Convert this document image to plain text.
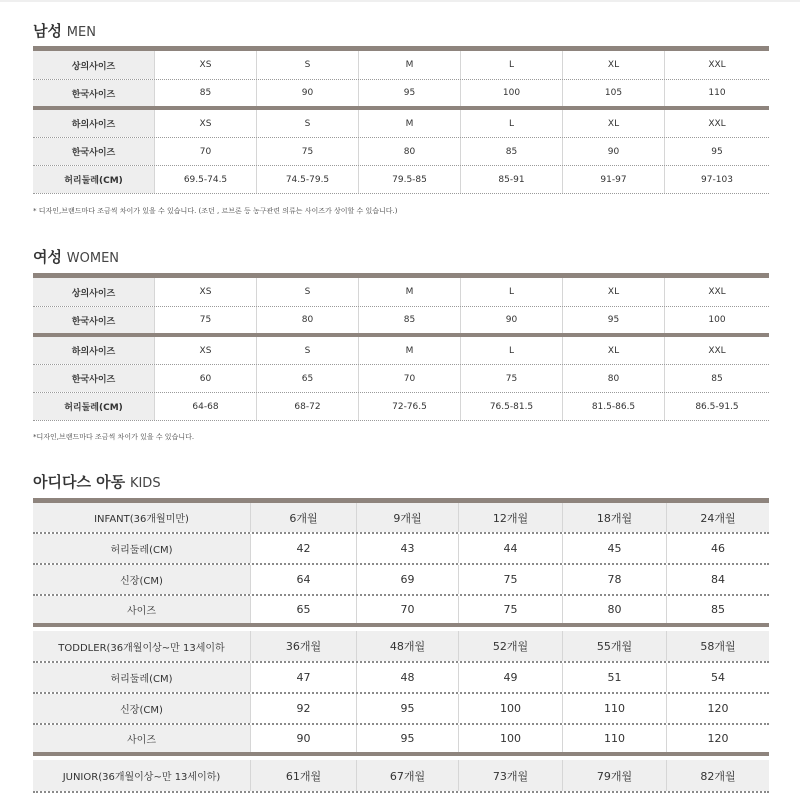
남성 MEN
상의사이즈	XS	S	M	L	XL	XXL
한국사이즈	85	90	95	100	105	110
하의사이즈	XS	S	M	L	XL	XXL
한국사이즈	70	75	80	85	90	95
허리둘레(CM)	69.5-74.5	74.5-79.5	79.5-85	85-91	91-97	97-103
* 디자인,브랜드마다 조금씩 차이가 있을 수 있습니다. (조던 , 르브론 등 농구관련 의류는 사이즈가 상이할 수 있습니다.)
여성 WOMEN
상의사이즈	XS	S	M	L	XL	XXL
한국사이즈	75	80	85	90	95	100
하의사이즈	XS	S	M	L	XL	XXL
한국사이즈	60	65	70	75	80	85
허리둘레(CM)	64-68	68-72	72-76.5	76.5-81.5	81.5-86.5	86.5-91.5
*디자인,브랜드마다 조금씩 차이가 있을 수 있습니다.
아디다스 아동 KIDS
INFANT(36개월미만)	6개월	9개월	12개월	18개월	24개월
허리둘레(CM)	42	43	44	45	46
신장(CM)	64	69	75	78	84
사이즈	65	70	75	80	85
TODDLER(36개월이상~만 13세이하	36개월	48개월	52개월	55개월	58개월
허리둘레(CM)	47	48	49	51	54
신장(CM)	92	95	100	110	120
사이즈	90	95	100	110	120
JUNIOR(36개월이상~만 13세이하)	61개월	67개월	73개월	79개월	82개월
